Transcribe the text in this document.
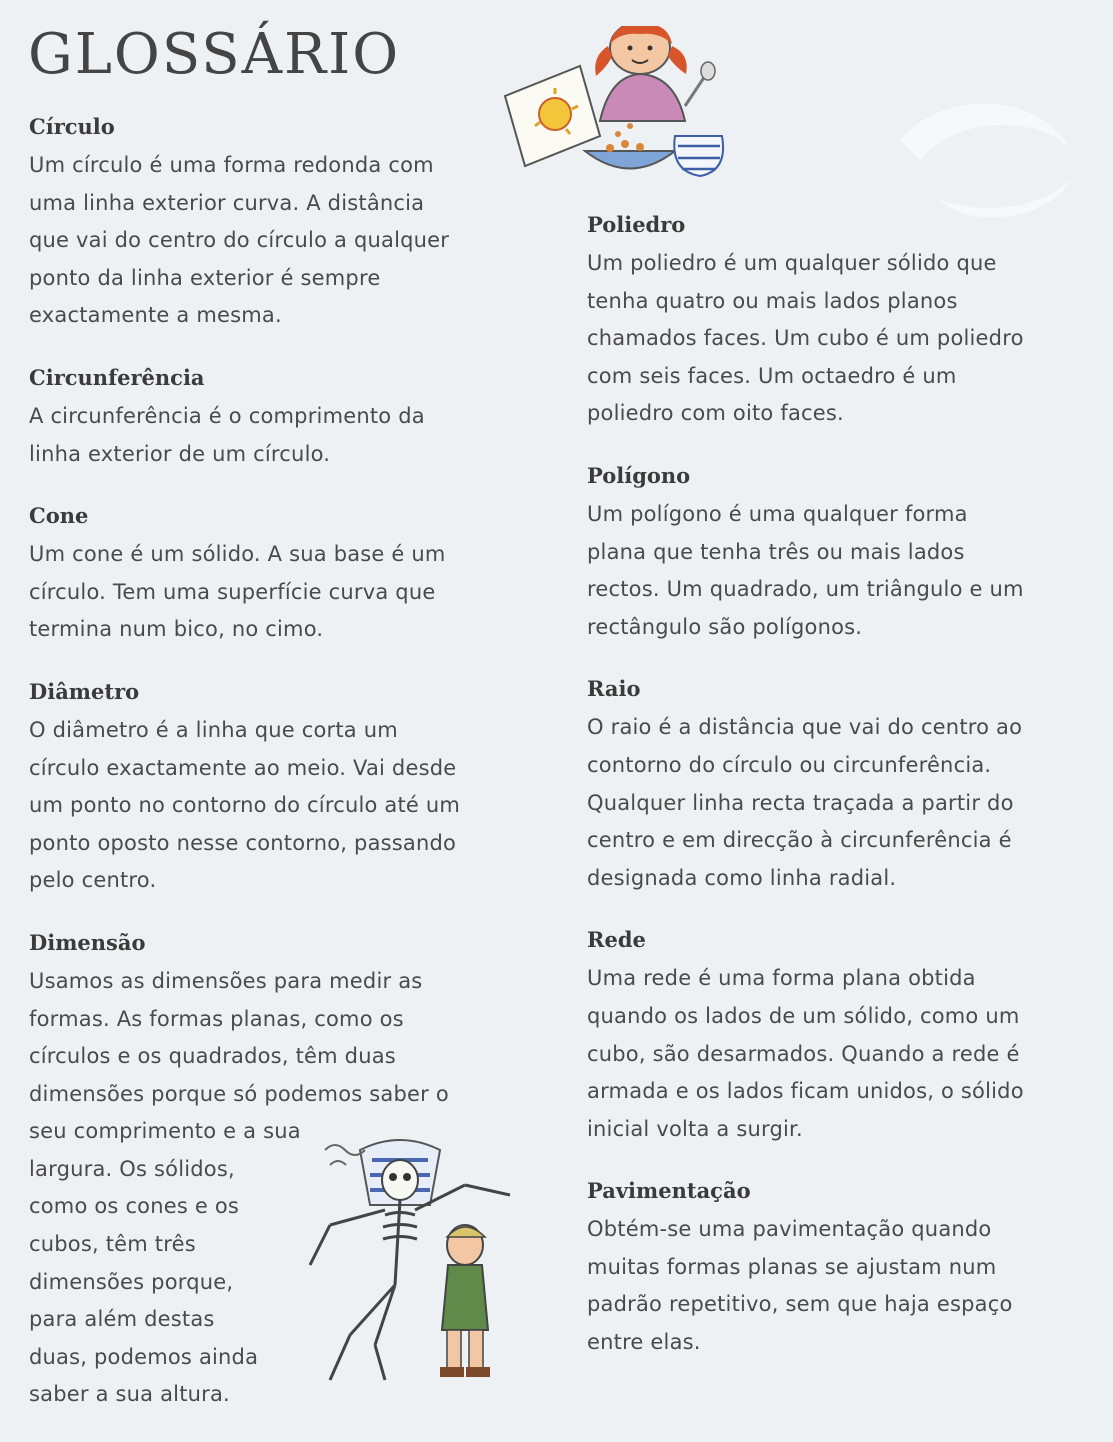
GLOSSÁRIO
Círculo

Um círculo é uma forma redonda com
uma linha exterior curva. A distância
que vai do centro do círculo a qualquer
ponto da linha exterior é sempre
exactamente a mesma.

Circunferência

A circunferência é o comprimento da
linha exterior de um círculo.

Cone

Um cone é um sólido. A sua base é um
círculo. Tem uma superfície curva que
termina num bico, no cimo.

Diâmetro

O diâmetro é a linha que corta um
círculo exactamente ao meio. Vai desde
um ponto no contorno do círculo até um
ponto oposto nesse contorno, passando
pelo centro.

Dimensão

Usamos as dimensões para medir as
formas. As formas planas, como os
círculos e os quadrados, têm duas
dimensões porque só podemos saber o
seu comprimento e a sua
largura. Os sólidos,
como os cones e os
cubos, têm três
dimensões porque,
para além destas
duas, podemos ainda
saber a sua altura.

Poliedro

Um poliedro é um qualquer sólido que
tenha quatro ou mais lados planos
chamados faces. Um cubo é um poliedro
com seis faces. Um octaedro é um
poliedro com oito faces.

Polígono

Um polígono é uma qualquer forma
plana que tenha três ou mais lados
rectos. Um quadrado, um triângulo e um
rectângulo são polígonos.

Raio

O raio é a distância que vai do centro ao
contorno do círculo ou circunferência.
Qualquer linha recta traçada a partir do
centro e em direcção à circunferência é
designada como linha radial.

Rede

Uma rede é uma forma plana obtida
quando os lados de um sólido, como um
cubo, são desarmados. Quando a rede é
armada e os lados ficam unidos, o sólido
inicial volta a surgir.

Pavimentação

Obtém-se uma pavimentação quando
muitas formas planas se ajustam num
padrão repetitivo, sem que haja espaço
entre elas.
